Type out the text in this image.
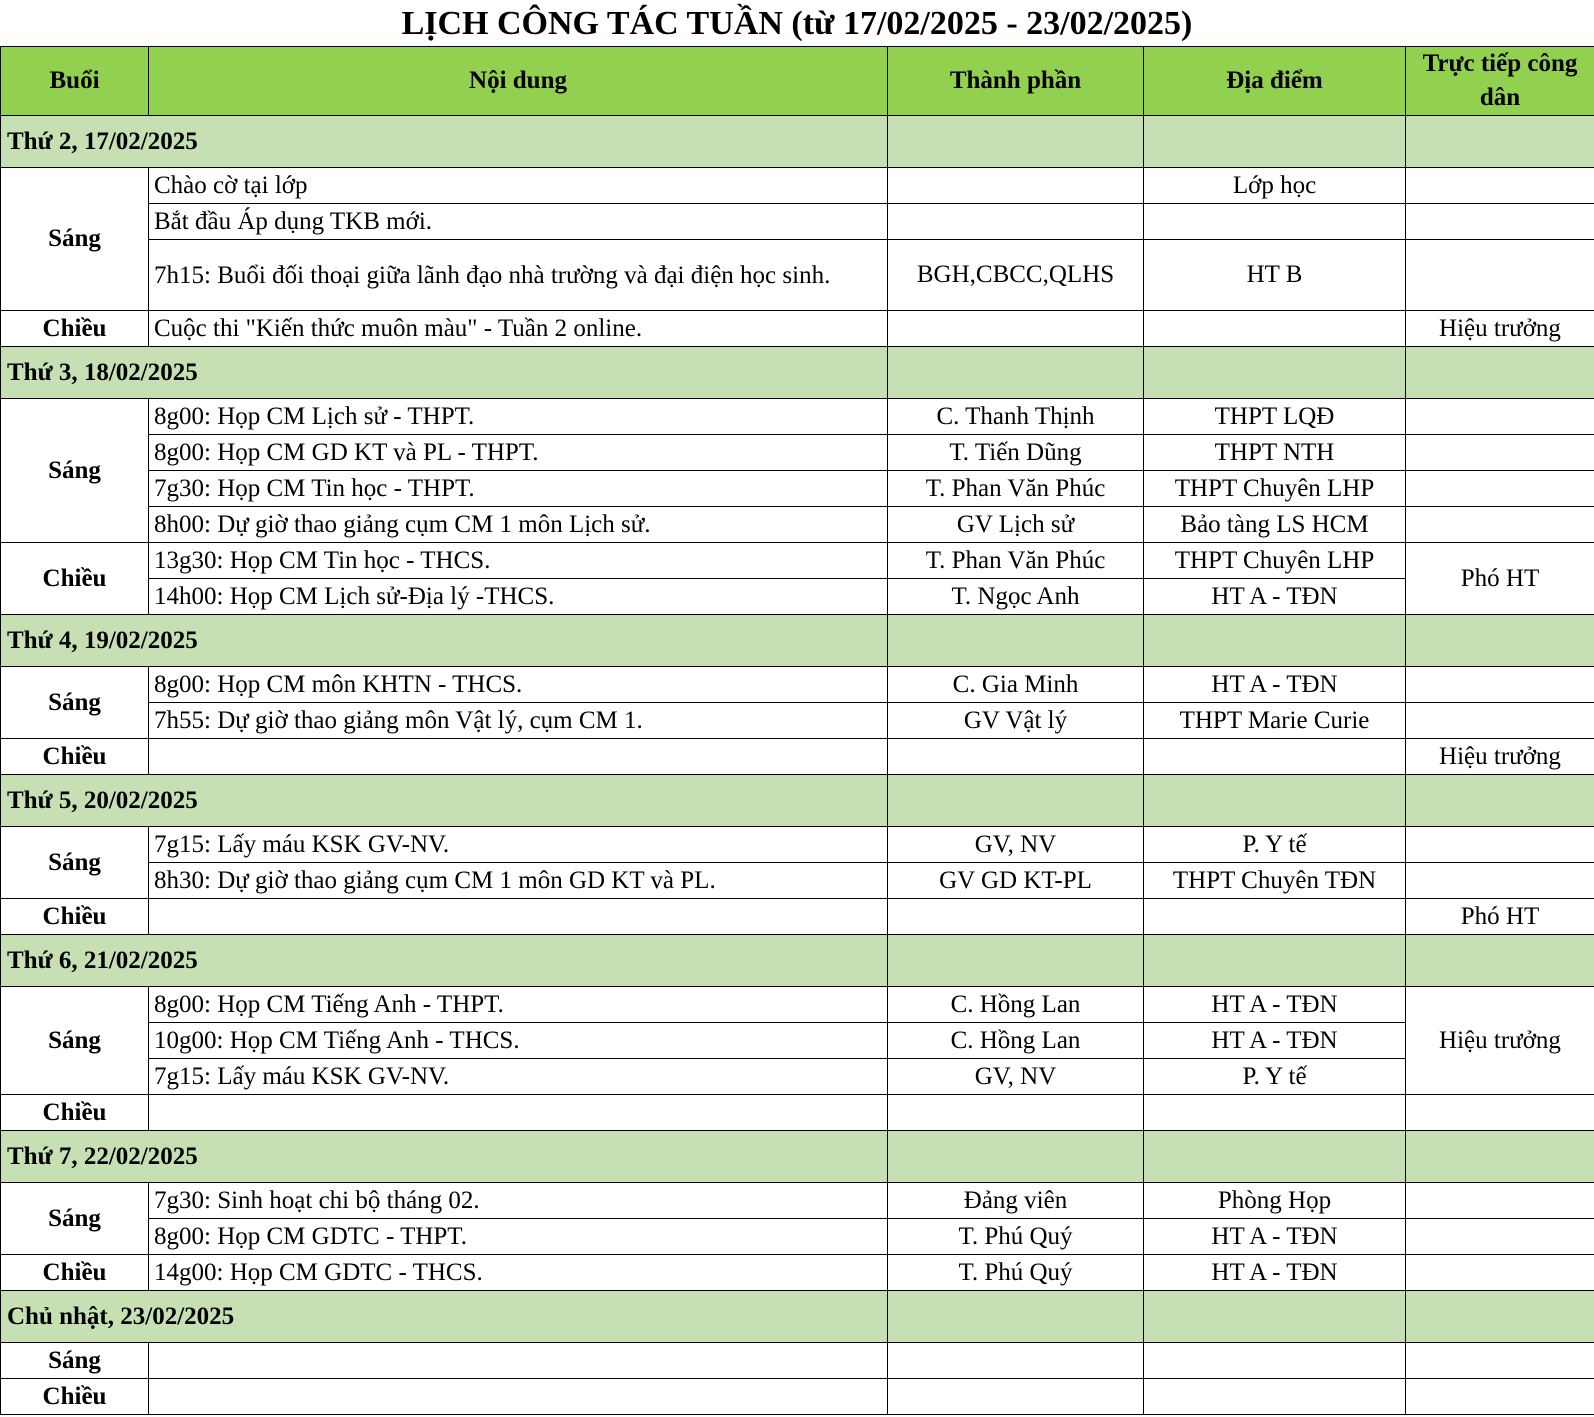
LỊCH CÔNG TÁC TUẦN (từ 17/02/2025 - 23/02/2025)
Buổi	Nội dung	Thành phần	Địa điểm	Trực tiếp công dân
Thứ 2, 17/02/2025				
Sáng	Chào cờ tại lớp		Lớp học	
	Bắt đầu Áp dụng TKB mới.			
	7h15: Buổi đối thoại giữa lãnh đạo nhà trường và đại điện học sinh.	BGH,CBCC,QLHS	HT B	
Chiều	Cuộc thi "Kiến thức muôn màu" - Tuần 2 online.			Hiệu trưởng
Thứ 3, 18/02/2025				
Sáng	8g00: Họp CM Lịch sử - THPT.	C. Thanh Thịnh	THPT LQĐ	
	8g00: Họp CM GD KT và PL - THPT.	T. Tiến Dũng	THPT NTH	
	7g30: Họp CM Tin học - THPT.	T. Phan Văn Phúc	THPT Chuyên LHP	
	8h00: Dự giờ thao giảng cụm CM 1 môn Lịch sử.	GV Lịch sử	Bảo tàng LS HCM	
Chiều	13g30: Họp CM Tin học - THCS.	T. Phan Văn Phúc	THPT Chuyên LHP	Phó HT
	14h00: Họp CM Lịch sử-Địa lý -THCS.	T. Ngọc Anh	HT A - TĐN	
Thứ 4, 19/02/2025				
Sáng	8g00: Họp CM môn KHTN - THCS.	C. Gia Minh	HT A - TĐN	
	7h55: Dự giờ thao giảng môn Vật lý, cụm CM 1.	GV Vật lý	THPT Marie Curie	
Chiều				Hiệu trưởng
Thứ 5, 20/02/2025				
Sáng	7g15: Lấy máu KSK GV-NV.	GV, NV	P. Y tế	
	8h30: Dự giờ thao giảng cụm CM 1 môn GD KT và PL.	GV GD KT-PL	THPT Chuyên TĐN	
Chiều				Phó HT
Thứ 6, 21/02/2025				
Sáng	8g00: Họp CM Tiếng Anh - THPT.	C. Hồng Lan	HT A - TĐN	Hiệu trưởng
	10g00: Họp CM Tiếng Anh - THCS.	C. Hồng Lan	HT A - TĐN	
	7g15: Lấy máu KSK GV-NV.	GV, NV	P. Y tế	
Chiều				
Thứ 7, 22/02/2025				
Sáng	7g30: Sinh hoạt chi bộ tháng 02.	Đảng viên	Phòng Họp	
	8g00: Họp CM GDTC - THPT.	T. Phú Quý	HT A - TĐN	
Chiều	14g00: Họp CM GDTC - THCS.	T. Phú Quý	HT A - TĐN	
Chủ nhật, 23/02/2025				
Sáng				
Chiều				
